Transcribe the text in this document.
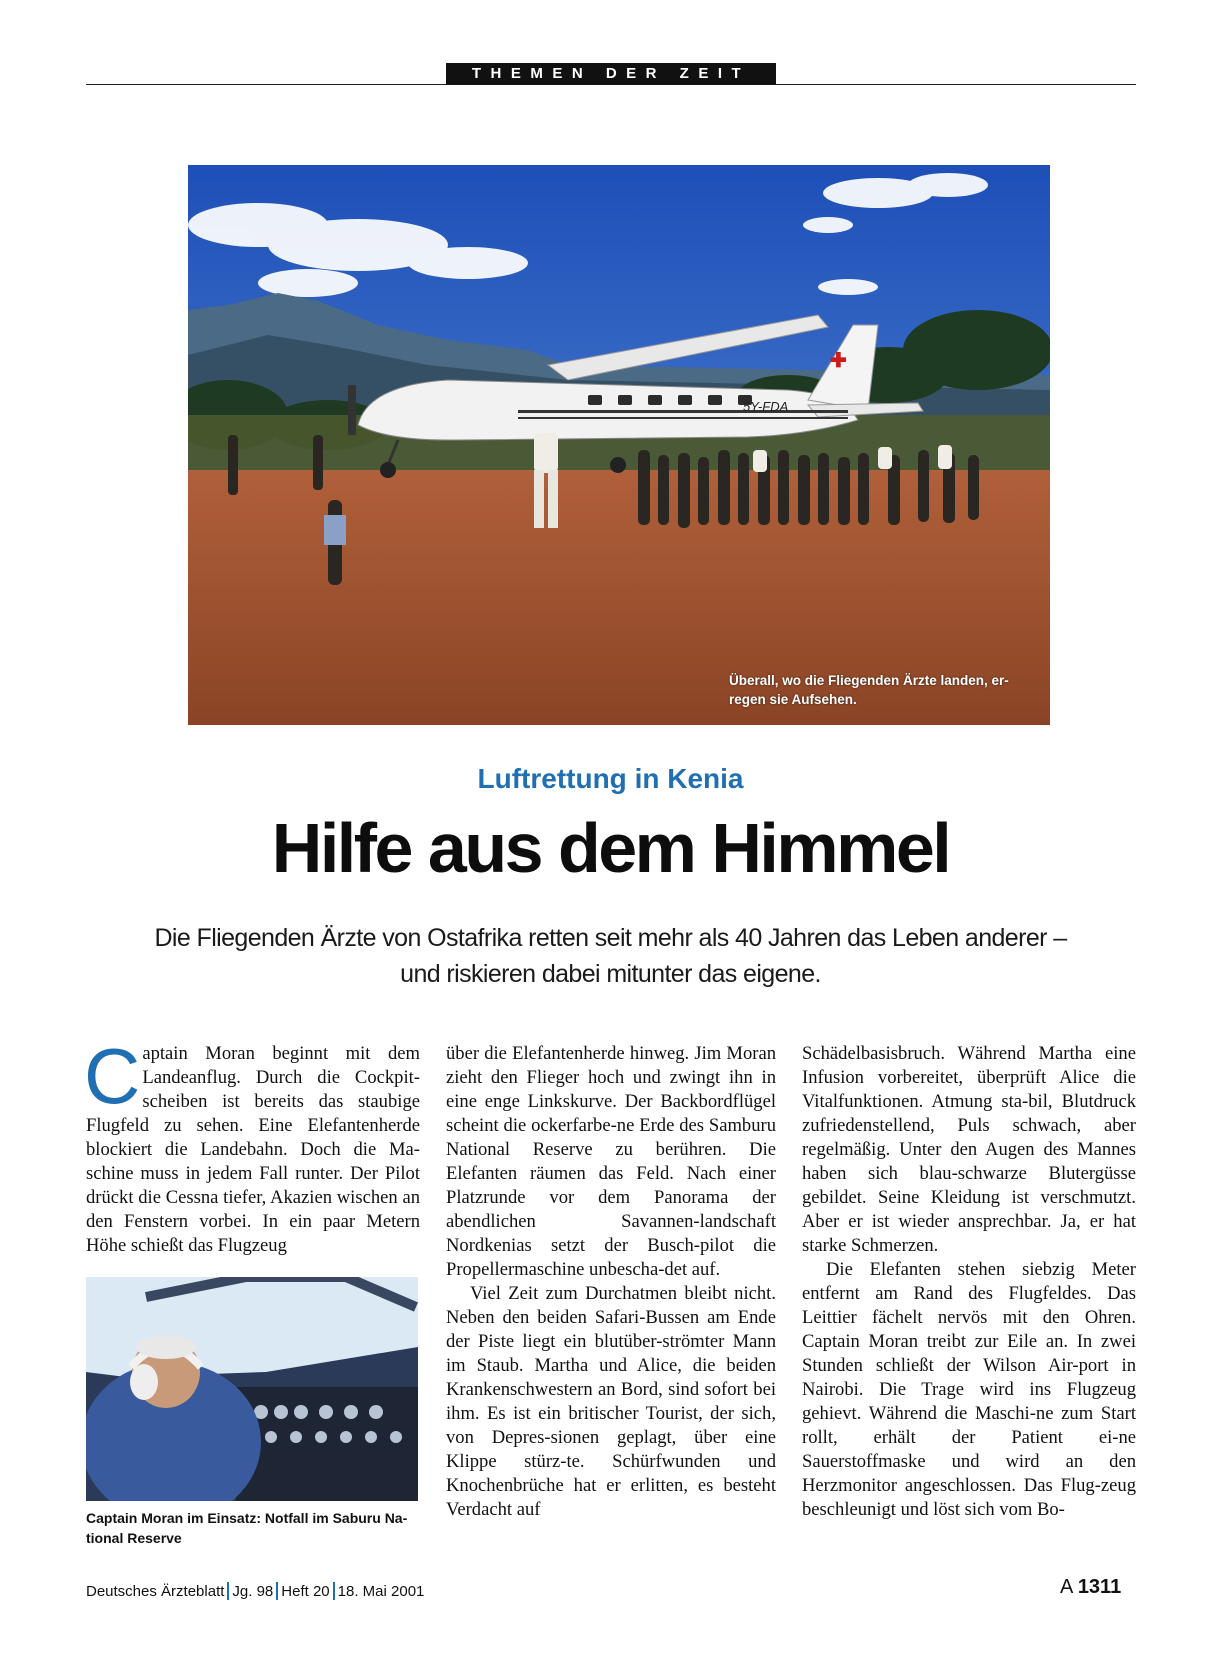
THEMEN DER ZEIT
✚
5Y-FDA
Überall, wo die Fliegenden Ärzte landen, er-
regen sie Aufsehen.
Luftrettung in Kenia
Hilfe aus dem Himmel
Die Fliegenden Ärzte von Ostafrika retten seit mehr als 40 Jahren das Leben anderer –
und riskieren dabei mitunter das eigene.

Captain Moran beginnt mit dem Landeanflug. Durch die Cockpit-scheiben ist bereits das staubige Flugfeld zu sehen. Eine Elefantenherde blockiert die Landebahn. Doch die Ma-schine muss in jedem Fall runter. Der Pilot drückt die Cessna tiefer, Akazien wischen an den Fenstern vorbei. In ein paar Metern Höhe schießt das Flugzeug

Captain Moran im Einsatz: Notfall im Saburu Na-tional Reserve

über die Elefantenherde hinweg. Jim Moran zieht den Flieger hoch und zwingt ihn in eine enge Linkskurve. Der Backbordflügel scheint die ockerfarbe-ne Erde des Samburu National Reserve zu berühren. Die Elefanten räumen das Feld. Nach einer Platzrunde vor dem Panorama der abendlichen Savannen-landschaft Nordkenias setzt der Busch-pilot die Propellermaschine unbescha-det auf.

Viel Zeit zum Durchatmen bleibt nicht. Neben den beiden Safari-Bussen am Ende der Piste liegt ein blutüber-strömter Mann im Staub. Martha und Alice, die beiden Krankenschwestern an Bord, sind sofort bei ihm. Es ist ein britischer Tourist, der sich, von Depres-sionen geplagt, über eine Klippe stürz-te. Schürfwunden und Knochenbrüche hat er erlitten, es besteht Verdacht auf

Schädelbasisbruch. Während Martha eine Infusion vorbereitet, überprüft Alice die Vitalfunktionen. Atmung sta-bil, Blutdruck zufriedenstellend, Puls schwach, aber regelmäßig. Unter den Augen des Mannes haben sich blau-schwarze Blutergüsse gebildet. Seine Kleidung ist verschmutzt. Aber er ist wieder ansprechbar. Ja, er hat starke Schmerzen.

Die Elefanten stehen siebzig Meter entfernt am Rand des Flugfeldes. Das Leittier fächelt nervös mit den Ohren. Captain Moran treibt zur Eile an. In zwei Stunden schließt der Wilson Air-port in Nairobi. Die Trage wird ins Flugzeug gehievt. Während die Maschi-ne zum Start rollt, erhält der Patient ei-ne Sauerstoffmaske und wird an den Herzmonitor angeschlossen. Das Flug-zeug beschleunigt und löst sich vom Bo-

Deutsches Ärzteblatt Jg. 98 Heft 20 18. Mai 2001	A 1311
